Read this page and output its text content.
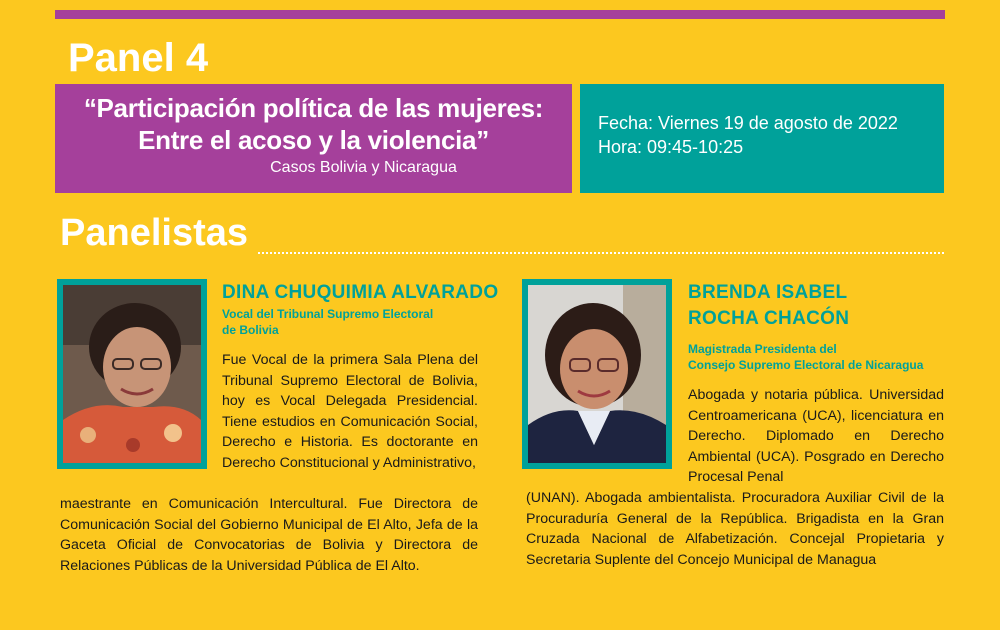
Panel 4
“Participación política de las mujeres:
Entre el acoso y la violencia”
Casos Bolivia y Nicaragua
Fecha: Viernes 19 de agosto de 2022
Hora: 09:45-10:25
Panelistas
DINA CHUQUIMIA ALVARADO
Vocal del Tribunal Supremo Electoral
de Bolivia
Fue Vocal de la primera Sala Plena del Tribunal Supremo Electoral de Bolivia, hoy es Vocal Delegada Presidencial. Tiene estudios en Comunicación Social, Derecho e Historia. Es doctorante en Derecho Constitucional y Administrativo,
maestrante en Comunicación Intercultural. Fue Directora de Comunicación Social del Gobierno Municipal de El Alto, Jefa de la Gaceta Oficial de Convocatorias de Bolivia y Directora de Relaciones Públicas de la Universidad Pública de El Alto.
BRENDA ISABEL
ROCHA CHACÓN
Magistrada Presidenta del
Consejo Supremo Electoral de Nicaragua
Abogada y notaria pública. Universidad Centroamericana (UCA), licenciatura en Derecho. Diplomado en Derecho Ambiental (UCA). Posgrado en Derecho Procesal Penal
(UNAN). Abogada ambientalista. Procuradora Auxiliar Civil de la Procuraduría General de la República. Brigadista en la Gran Cruzada Nacional de Alfabetización. Concejal Propietaria y Secretaria Suplente del Concejo Municipal de Managua
